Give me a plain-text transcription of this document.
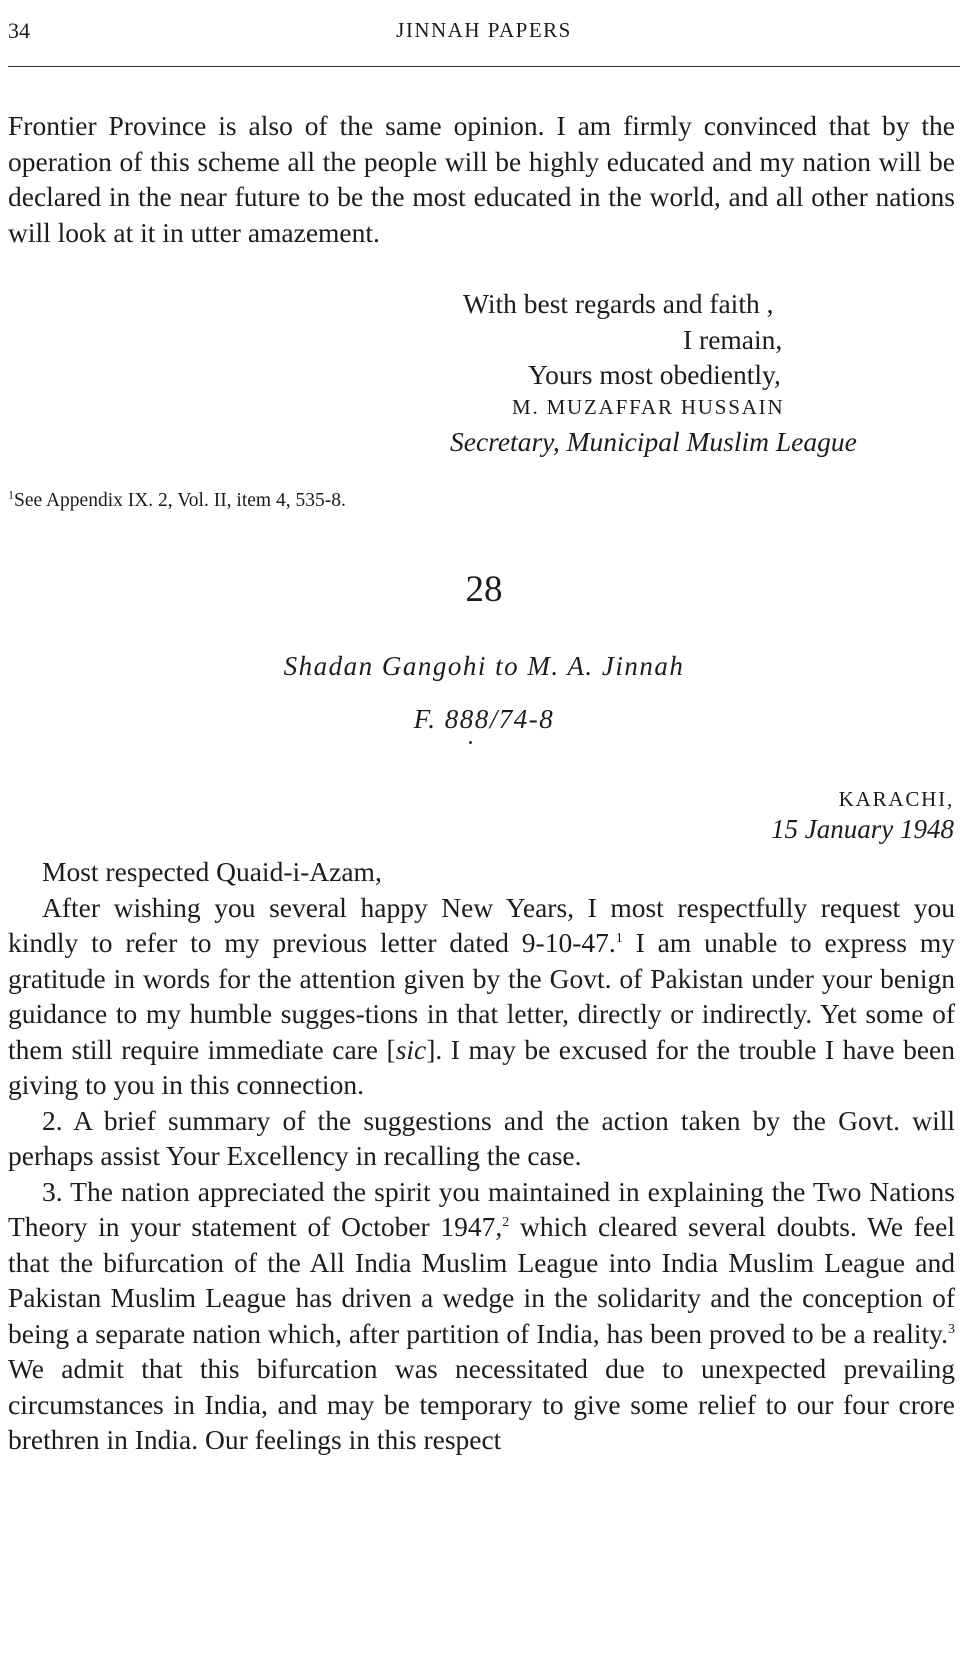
34	JINNAH PAPERS

Frontier Province is also of the same opinion. I am firmly convinced that by the operation of this scheme all the people will be highly educated and my nation will be declared in the near future to be the most educated in the world, and all other nations will look at it in utter amazement.

With best regards and faith ,
I remain,
Yours most obediently,
M. MUZAFFAR HUSSAIN
Secretary, Municipal Muslim League
$^1$See Appendix IX. 2, Vol. II, item 4, 535-8.
28
Shadan Gangohi to M. A. Jinnah
F. 888/74-8
KARACHI,
15 January 1948

Most respected Quaid-i-Azam,

After wishing you several happy New Years, I most respectfully request you kindly to refer to my previous letter dated 9-10-47.$^1$ I am unable to express my gratitude in words for the attention given by the Govt. of Pakistan under your benign guidance to my humble sugges-tions in that letter, directly or indirectly. Yet some of them still require immediate care [sic]. I may be excused for the trouble I have been giving to you in this connection.

2. A brief summary of the suggestions and the action taken by the Govt. will perhaps assist Your Excellency in recalling the case.

3. The nation appreciated the spirit you maintained in explaining the Two Nations Theory in your statement of October 1947,$^2$ which cleared several doubts. We feel that the bifurcation of the All India Muslim League into India Muslim League and Pakistan Muslim League has driven a wedge in the solidarity and the conception of being a separate nation which, after partition of India, has been proved to be a reality.$^3$ We admit that this bifurcation was necessitated due to unexpected prevailing circumstances in India, and may be temporary to give some relief to our four crore brethren in India. Our feelings in this respect
